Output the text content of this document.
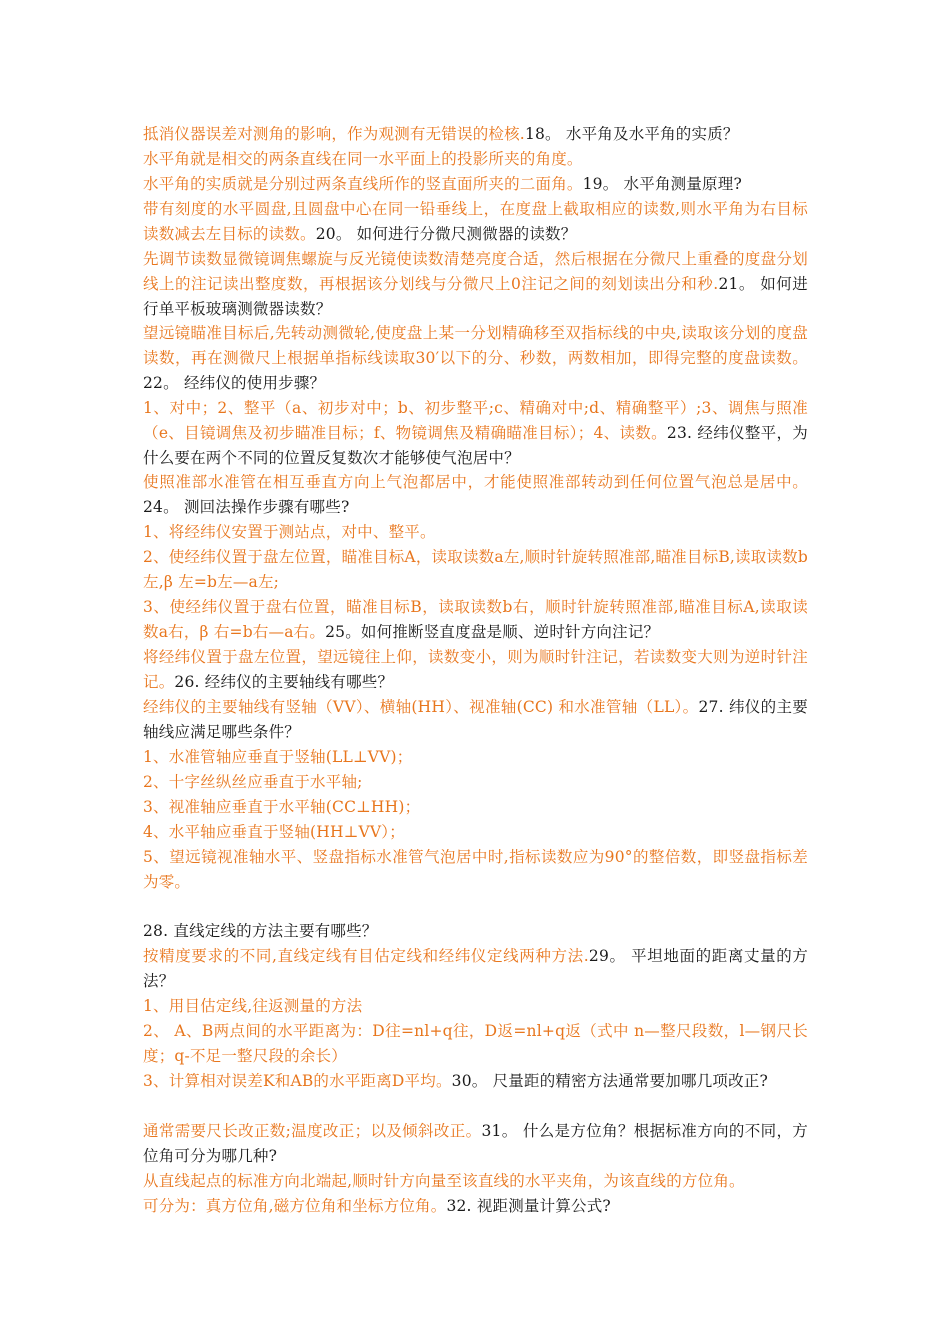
抵消仪器误差对测角的影响，作为观测有无错误的检核.18。 水平角及水平角的实质？

水平角就是相交的两条直线在同一水平面上的投影所夹的角度。

水平角的实质就是分别过两条直线所作的竖直面所夹的二面角。19。 水平角测量原理?

带有刻度的水平圆盘,且圆盘中心在同一铅垂线上，在度盘上截取相应的读数,则水平角为右目标读数减去左目标的读数。20。 如何进行分微尺测微器的读数？

先调节读数显微镜调焦螺旋与反光镜使读数清楚亮度合适，然后根据在分微尺上重叠的度盘分划线上的注记读出整度数，再根据该分划线与分微尺上0注记之间的刻划读出分和秒.21。 如何进行单平板玻璃测微器读数？

望远镜瞄准目标后,先转动测微轮,使度盘上某一分划精确移至双指标线的中央,读取该分划的度盘读数，再在测微尺上根据单指标线读取30′以下的分、秒数，两数相加，即得完整的度盘读数。22。 经纬仪的使用步骤？

1、对中；2、整平（a、初步对中；b、初步整平;c、精确对中;d、精确整平）;3、调焦与照准（e、目镜调焦及初步瞄准目标；f、物镜调焦及精确瞄准目标）；4、读数。23. 经纬仪整平，为什么要在两个不同的位置反复数次才能够使气泡居中？

使照准部水准管在相互垂直方向上气泡都居中，才能使照准部转动到任何位置气泡总是居中。24。 测回法操作步骤有哪些?

1、将经纬仪安置于测站点，对中、整平。

2、使经纬仪置于盘左位置，瞄准目标A，读取读数a左,顺时针旋转照准部,瞄准目标B,读取读数b左,β 左=b左—a左;

3、使经纬仪置于盘右位置，瞄准目标B，读取读数b右，顺时针旋转照准部,瞄准目标A,读取读数a右，β 右=b右—a右。25。如何推断竖直度盘是顺、逆时针方向注记？

将经纬仪置于盘左位置，望远镜往上仰，读数变小，则为顺时针注记，若读数变大则为逆时针注记。26. 经纬仪的主要轴线有哪些？

经纬仪的主要轴线有竖轴（VV）、横轴(HH）、视准轴(CC) 和水准管轴（LL）。27. 纬仪的主要轴线应满足哪些条件？

1、水准管轴应垂直于竖轴(LL⊥VV)；

2、十字丝纵丝应垂直于水平轴;

3、视准轴应垂直于水平轴(CC⊥HH)；

4、水平轴应垂直于竖轴(HH⊥VV）；

5、望远镜视准轴水平、竖盘指标水准管气泡居中时,指标读数应为90°的整倍数，即竖盘指标差为零。

28. 直线定线的方法主要有哪些？

按精度要求的不同,直线定线有目估定线和经纬仪定线两种方法.29。 平坦地面的距离丈量的方法？

1、用目估定线,往返测量的方法

2、 A、B两点间的水平距离为：D往=nl+q往，D返=nl+q返（式中 n—整尺段数，l—钢尺长度；q-不足一整尺段的余长）

3、计算相对误差K和AB的水平距离D平均。30。 尺量距的精密方法通常要加哪几项改正?

通常需要尺长改正数;温度改正；以及倾斜改正。31。 什么是方位角？根据标准方向的不同，方位角可分为哪几种?

从直线起点的标准方向北端起,顺时针方向量至该直线的水平夹角，为该直线的方位角。

可分为：真方位角,磁方位角和坐标方位角。32. 视距测量计算公式?
